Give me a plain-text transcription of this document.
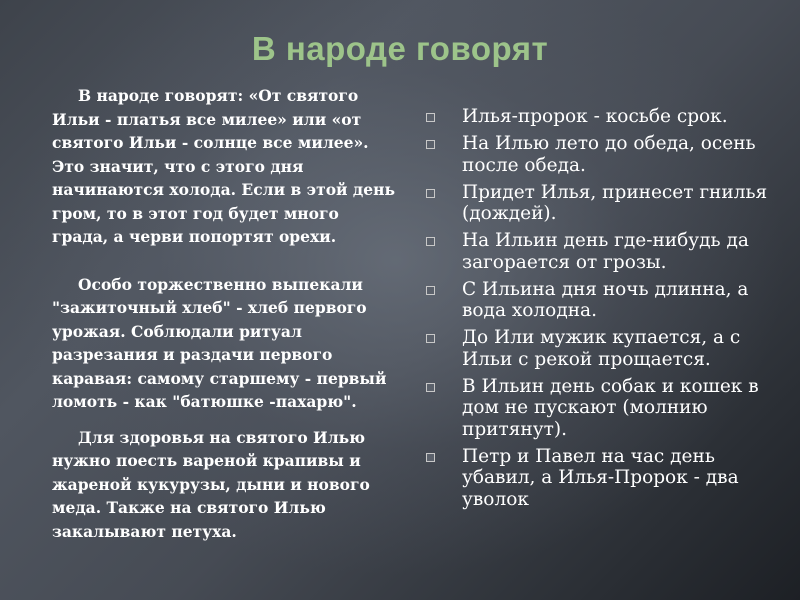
В народе говорят

В народе говорят: «От святого Ильи - платья все милее» или «от святого Ильи - солнце все милее». Это значит, что с этого дня начинаются холода. Если в этой день гром, то в этот год будет много града, а черви попортят орехи.

Особо торжественно выпекали "зажиточный хлеб" - хлеб первого урожая. Соблюдали ритуал разрезания и раздачи первого каравая: самому старшему - первый ломоть - как "батюшке -пахарю".

Для здоровья на святого Илью нужно поесть вареной крапивы и жареной кукурузы, дыни и нового меда. Также на святого Илью закалывают петуха.

Илья-пророк - косьбе срок.
На Илью лето до обеда, осень после обеда.
Придет Илья, принесет гнилья (дождей).
На Ильин день где-нибудь да загорается от грозы.
С Ильина дня ночь длинна, а вода холодна.
До Или мужик купается, а с Ильи с рекой прощается.
В Ильин день собак и кошек в дом не пускают (молнию притянут).
Петр и Павел на час день убавил, а Илья-Пророк - два уволок
